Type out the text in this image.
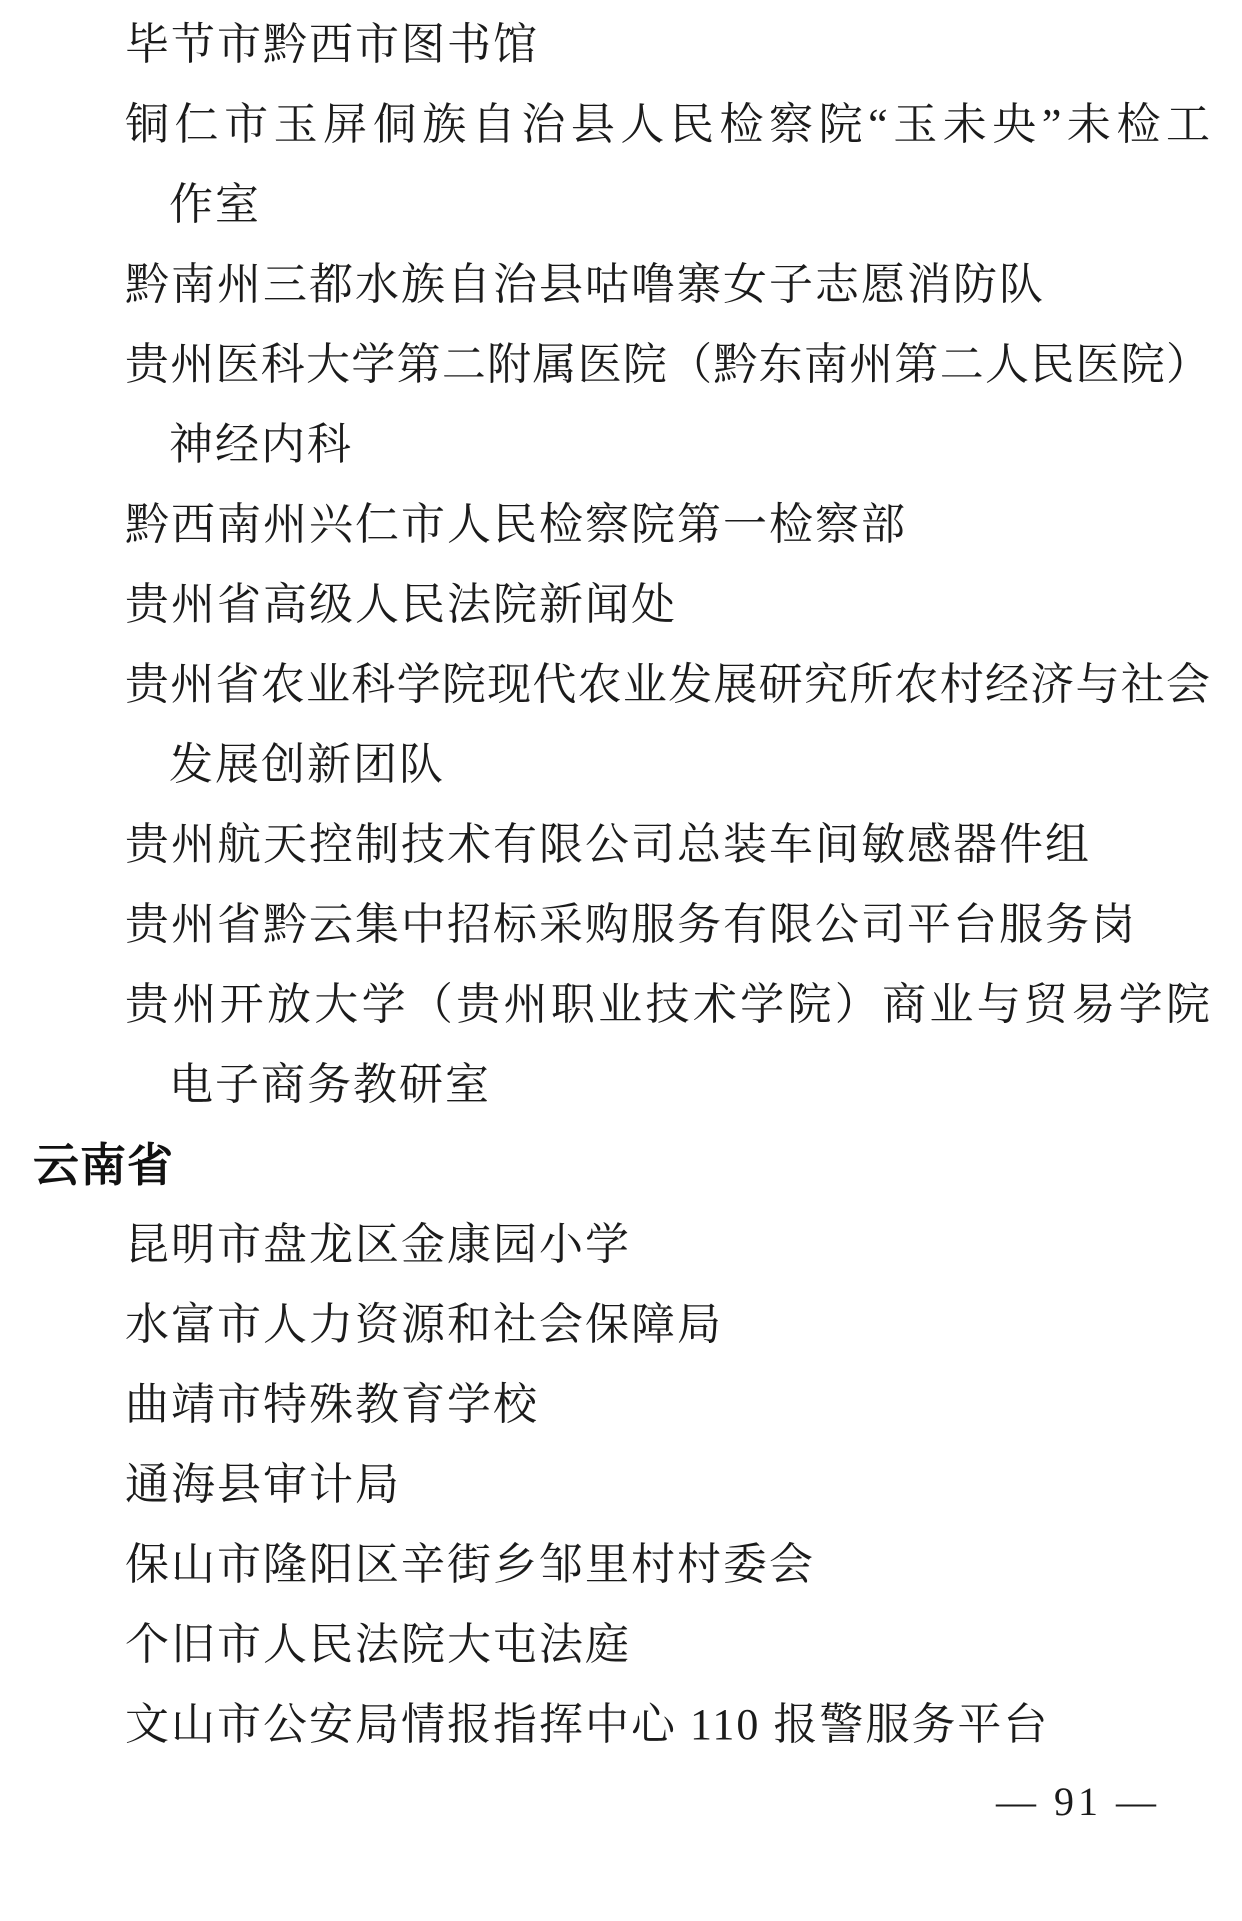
毕节市黔西市图书馆
铜仁市玉屏侗族自治县人民检察院“玉未央”未检工
作室
黔南州三都水族自治县咕噜寨女子志愿消防队
贵州医科大学第二附属医院（黔东南州第二人民医院）
神经内科
黔西南州兴仁市人民检察院第一检察部
贵州省高级人民法院新闻处
贵州省农业科学院现代农业发展研究所农村经济与社会
发展创新团队
贵州航天控制技术有限公司总装车间敏感器件组
贵州省黔云集中招标采购服务有限公司平台服务岗
贵州开放大学（贵州职业技术学院）商业与贸易学院
电子商务教研室
云南省
昆明市盘龙区金康园小学
水富市人力资源和社会保障局
曲靖市特殊教育学校
通海县审计局
保山市隆阳区辛街乡邹里村村委会
个旧市人民法院大屯法庭
文山市公安局情报指挥中心 110 报警服务平台
— 91 —
